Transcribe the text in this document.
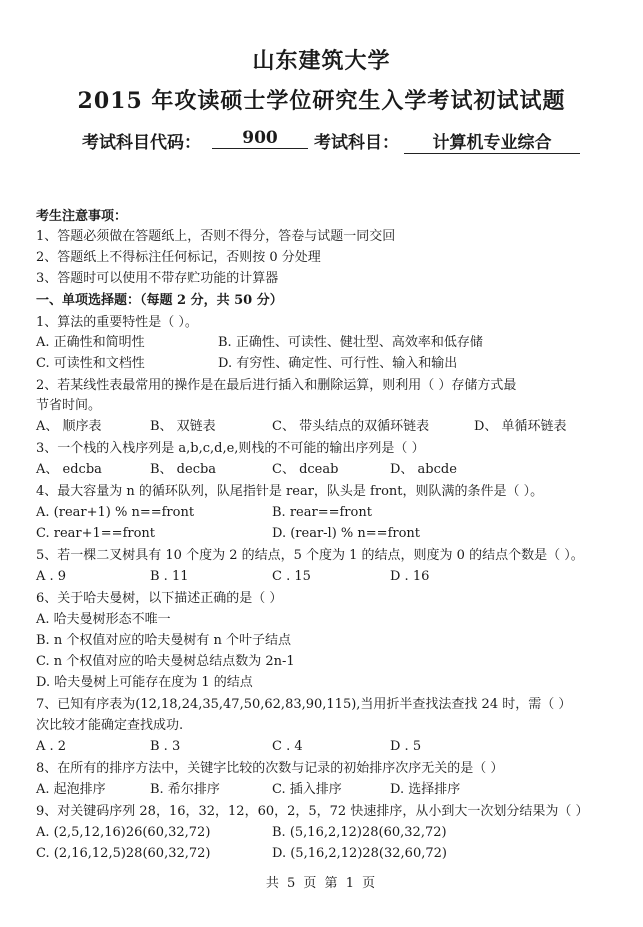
山东建筑大学
2015 年攻读硕士学位研究生入学考试初试试题
考试科目代码：	900	考试科目：	计算机专业综合
考生注意事项：
1、答题必须做在答题纸上，否则不得分，答卷与试题一同交回
2、答题纸上不得标注任何标记，否则按 0 分处理
3、答题时可以使用不带存贮功能的计算器
一、单项选择题：（每题 2 分，共 50 分）
1、算法的重要特性是（ ）。
A. 正确性和简明性	B. 正确性、可读性、健壮型、高效率和低存储
C. 可读性和文档性	D. 有穷性、确定性、可行性、输入和输出
2、若某线性表最常用的操作是在最后进行插入和删除运算，则利用（ ）存储方式最
节省时间。
A、 顺序表	B、 双链表	C、 带头结点的双循环链表	D、 单循环链表
3、一个栈的入栈序列是 a,b,c,d,e,则栈的不可能的输出序列是（ ）
A、 edcba	B、 decba	C、 dceab	D、 abcde
4、最大容量为 n 的循环队列，队尾指针是 rear，队头是 front，则队满的条件是（ ）。
A. (rear+1) % n==front	B. rear==front
C. rear+1==front	D. (rear-l) % n==front
5、若一棵二叉树具有 10 个度为 2 的结点，5 个度为 1 的结点，则度为 0 的结点个数是（ ）。
A . 9	B . 11	C . 15	D . 16
6、关于哈夫曼树，以下描述正确的是（ ）
A. 哈夫曼树形态不唯一
B. n 个权值对应的哈夫曼树有 n 个叶子结点
C. n 个权值对应的哈夫曼树总结点数为 2n-1
D. 哈夫曼树上可能存在度为 1 的结点
7、已知有序表为(12,18,24,35,47,50,62,83,90,115),当用折半查找法查找 24 时，需（ ）
次比较才能确定查找成功.
A . 2	B . 3	C . 4	D . 5
8、在所有的排序方法中，关键字比较的次数与记录的初始排序次序无关的是（ ）
A. 起泡排序	B. 希尔排序	C. 插入排序	D. 选择排序
9、对关键码序列 28，16，32，12，60，2，5，72 快速排序，从小到大一次划分结果为（ ）
A. (2,5,12,16)26(60,32,72)	B. (5,16,2,12)28(60,32,72)
C. (2,16,12,5)28(60,32,72)	D. (5,16,2,12)28(32,60,72)
共 5 页 第 1 页
